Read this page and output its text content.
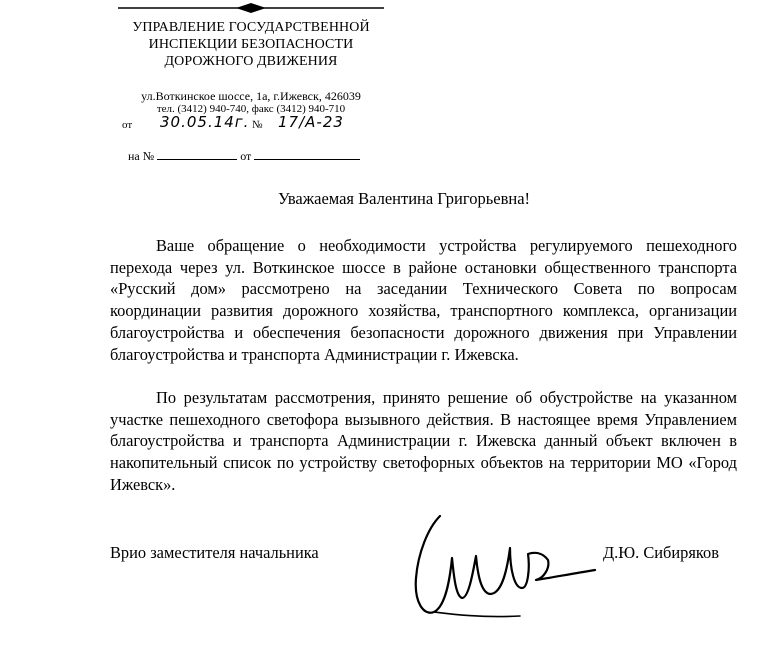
УПРАВЛЕНИЕ ГОСУДАРСТВЕННОЙ
ИНСПЕКЦИИ БЕЗОПАСНОСТИ
ДОРОЖНОГО ДВИЖЕНИЯ
ул.Воткинское шоссе, 1а, г.Ижевск, 426039
тел. (3412) 940-740, факс (3412) 940-710
от 30.05.14г. № 17/А-23
на №	от
Уважаемая Валентина Григорьевна!

Ваше обращение о необходимости устройства регулируемого пешеходного перехода через ул. Воткинское шоссе в районе остановки общественного транспорта «Русский дом» рассмотрено на заседании Технического Совета по вопросам координации развития дорожного хозяйства, транспортного комплекса, организации благоустройства и обеспечения безопасности дорожного движения при Управлении благоустройства и транспорта Администрации г. Ижевска.

По результатам рассмотрения, принято решение об обустройстве на указанном участке пешеходного светофора вызывного действия. В настоящее время Управлением благоустройства и транспорта Администрации г. Ижевска данный объект включен в накопительный список по устройству светофорных объектов на территории МО «Город Ижевск».

Врио заместителя начальника	Д.Ю. Сибиряков
